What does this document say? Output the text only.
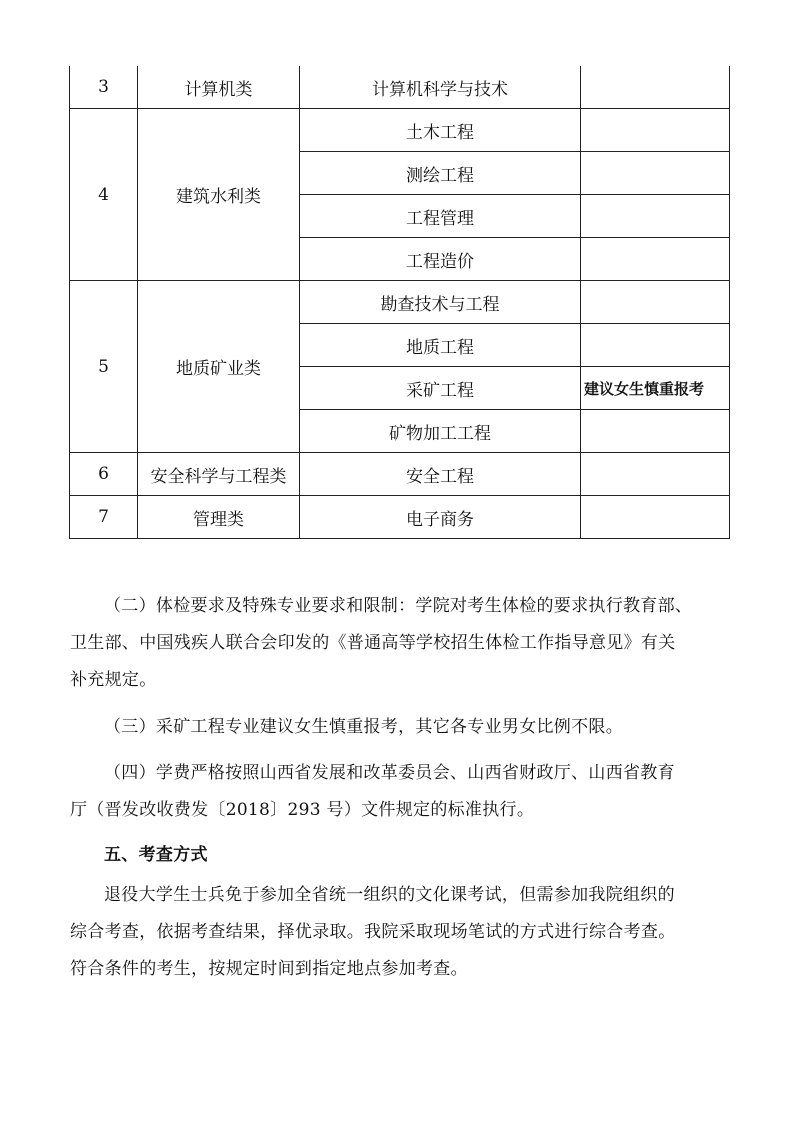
3	计算机类	计算机科学与技术	
4	建筑水利类	土木工程	
		测绘工程	
		工程管理	
		工程造价	
5	地质矿业类	勘查技术与工程	
		地质工程	
		采矿工程	建议女生慎重报考
		矿物加工工程	
6	安全科学与工程类	安全工程	
7	管理类	电子商务	
（二）体检要求及特殊专业要求和限制：学院对考生体检的要求执行教育部、
卫生部、中国残疾人联合会印发的《普通高等学校招生体检工作指导意见》有关
补充规定。
（三）采矿工程专业建议女生慎重报考，其它各专业男女比例不限。
（四）学费严格按照山西省发展和改革委员会、山西省财政厅、山西省教育
厅（晋发改收费发〔2018〕293 号）文件规定的标准执行。
五、考查方式
退役大学生士兵免于参加全省统一组织的文化课考试，但需参加我院组织的
综合考查，依据考查结果，择优录取。我院采取现场笔试的方式进行综合考查。
符合条件的考生，按规定时间到指定地点参加考查。
